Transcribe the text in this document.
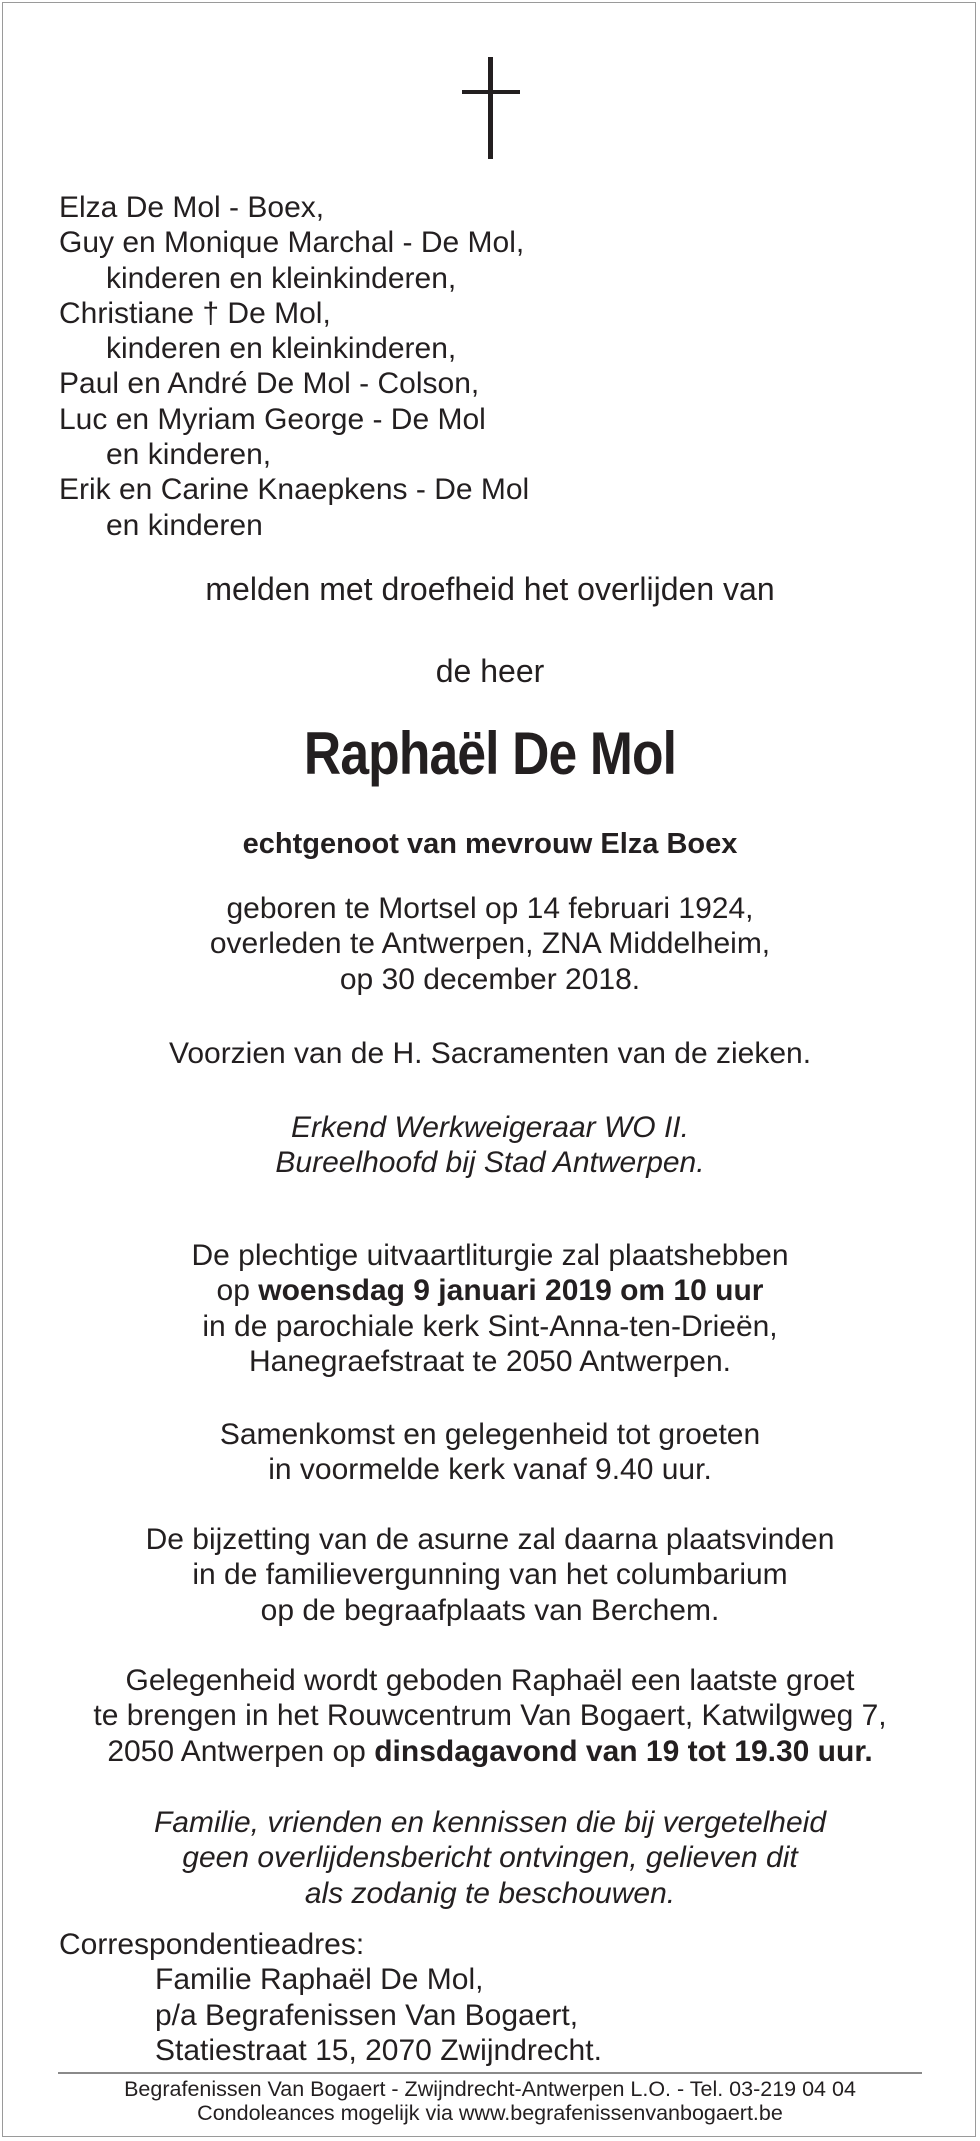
Elza De Mol - Boex,
Guy en Monique Marchal - De Mol,
kinderen en kleinkinderen,
Christiane † De Mol,
kinderen en kleinkinderen,
Paul en André De Mol - Colson,
Luc en Myriam George - De Mol
en kinderen,
Erik en Carine Knaepkens - De Mol
en kinderen
melden met droefheid het overlijden van
de heer
Raphaël De Mol
echtgenoot van mevrouw Elza Boex
geboren te Mortsel op 14 februari 1924,
overleden te Antwerpen, ZNA Middelheim,
op 30 december 2018.
Voorzien van de H. Sacramenten van de zieken.
Erkend Werkweigeraar WO II.
Bureelhoofd bij Stad Antwerpen.
De plechtige uitvaartliturgie zal plaatshebben
op woensdag 9 januari 2019 om 10 uur
in de parochiale kerk Sint-Anna-ten-Drieën,
Hanegraefstraat te 2050 Antwerpen.
Samenkomst en gelegenheid tot groeten
in voormelde kerk vanaf 9.40 uur.
De bijzetting van de asurne zal daarna plaatsvinden
in de familievergunning van het columbarium
op de begraafplaats van Berchem.
Gelegenheid wordt geboden Raphaël een laatste groet
te brengen in het Rouwcentrum Van Bogaert, Katwilgweg 7,
2050 Antwerpen op dinsdagavond van 19 tot 19.30 uur.
Familie, vrienden en kennissen die bij vergetelheid
geen overlijdensbericht ontvingen, gelieven dit
als zodanig te beschouwen.
Correspondentieadres:
Familie Raphaël De Mol,
p/a Begrafenissen Van Bogaert,
Statiestraat 15, 2070 Zwijndrecht.
Begrafenissen Van Bogaert - Zwijndrecht-Antwerpen L.O. - Tel. 03-219 04 04
Condoleances mogelijk via www.begrafenissenvanbogaert.be
